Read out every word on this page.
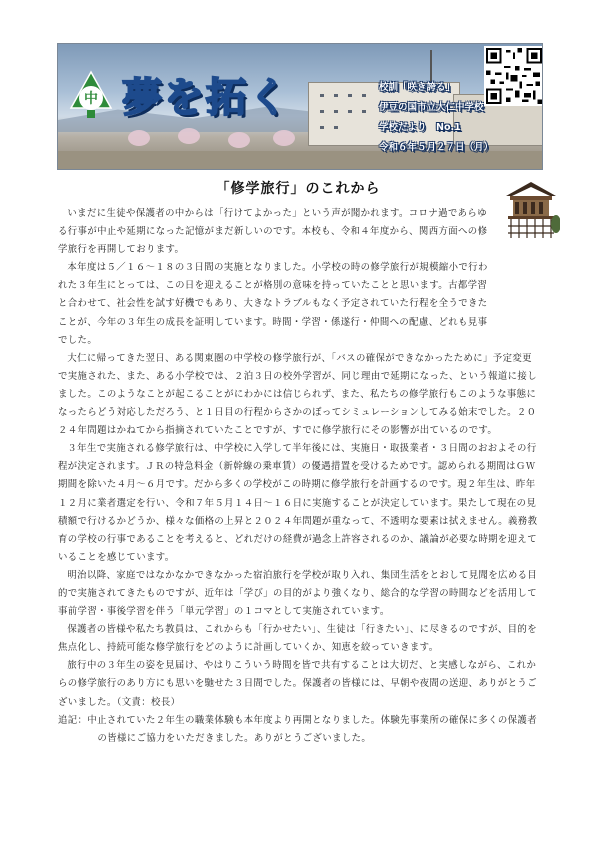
中 夢を拓く	校訓「咲き誇る」
伊豆の国市立大仁中学校
学校だより　No.1
令和６年５月２７日（月）
「修学旅行」のこれから

いまだに生徒や保護者の中からは「行けてよかった」という声が聞かれます。コロナ過であらゆる行事が中止や延期になった記憶がまだ新しいのです。本校も、令和４年度から、関西方面への修学旅行を再開しております。

本年度は５／１６～１８の３日間の実施となりました。小学校の時の修学旅行が規模縮小で行われた３年生にとっては、この日を迎えることが格別の意味を持っていたことと思います。古都学習と合わせて、社会性を試す好機でもあり、大きなトラブルもなく予定されていた行程を全うできたことが、今年の３年生の成長を証明しています。時間・学習・係遂行・仲間への配慮、どれも見事でした。

大仁に帰ってきた翌日、ある関東圏の中学校の修学旅行が、「バスの確保ができなかったために」予定変更で実施された、また、ある小学校では、２泊３日の校外学習が、同じ理由で延期になった、という報道に接しました。このようなことが起こることがにわかには信じられず、また、私たちの修学旅行もこのような事態になったらどう対応しただろう、と１日目の行程からさかのぼってシミュレーションしてみる始末でした。２０２４年問題はかねてから指摘されていたことですが、すでに修学旅行にその影響が出ているのです。

３年生で実施される修学旅行は、中学校に入学して半年後には、実施日・取扱業者・３日間のおおよその行程が決定されます。ＪＲの特急料金（新幹線の乗車賃）の優遇措置を受けるためです。認められる期間はＧＷ期間を除いた４月～６月です。だから多くの学校がこの時期に修学旅行を計画するのです。現２年生は、昨年１２月に業者選定を行い、令和７年５月１４日～１６日に実施することが決定しています。果たして現在の見積額で行けるかどうか、様々な価格の上昇と２０２４年問題が重なって、不透明な要素は拭えません。義務教育の学校の行事であることを考えると、どれだけの経費が過念上許容されるのか、議論が必要な時期を迎えていることを感じています。

明治以降、家庭ではなかなかできなかった宿泊旅行を学校が取り入れ、集団生活をとおして見聞を広める目的で実施されてきたものですが、近年は「学び」の目的がより強くなり、総合的な学習の時間などを活用して事前学習・事後学習を伴う「単元学習」の１コマとして実施されています。

保護者の皆様や私たち教員は、これからも「行かせたい」、生徒は「行きたい」、に尽きるのですが、目的を焦点化し、持続可能な修学旅行をどのように計画していくか、知恵を絞っていきます。

旅行中の３年生の姿を見届け、やはりこういう時間を皆で共有することは大切だ、と実感しながら、これからの修学旅行のあり方にも思いを馳せた３日間でした。保護者の皆様には、早朝や夜間の送迎、ありがとうございました。（文責：校長）

追記：中止されていた２年生の職業体験も本年度より再開となりました。体験先事業所の確保に多くの保護者の皆様にご協力をいただきました。ありがとうございました。
